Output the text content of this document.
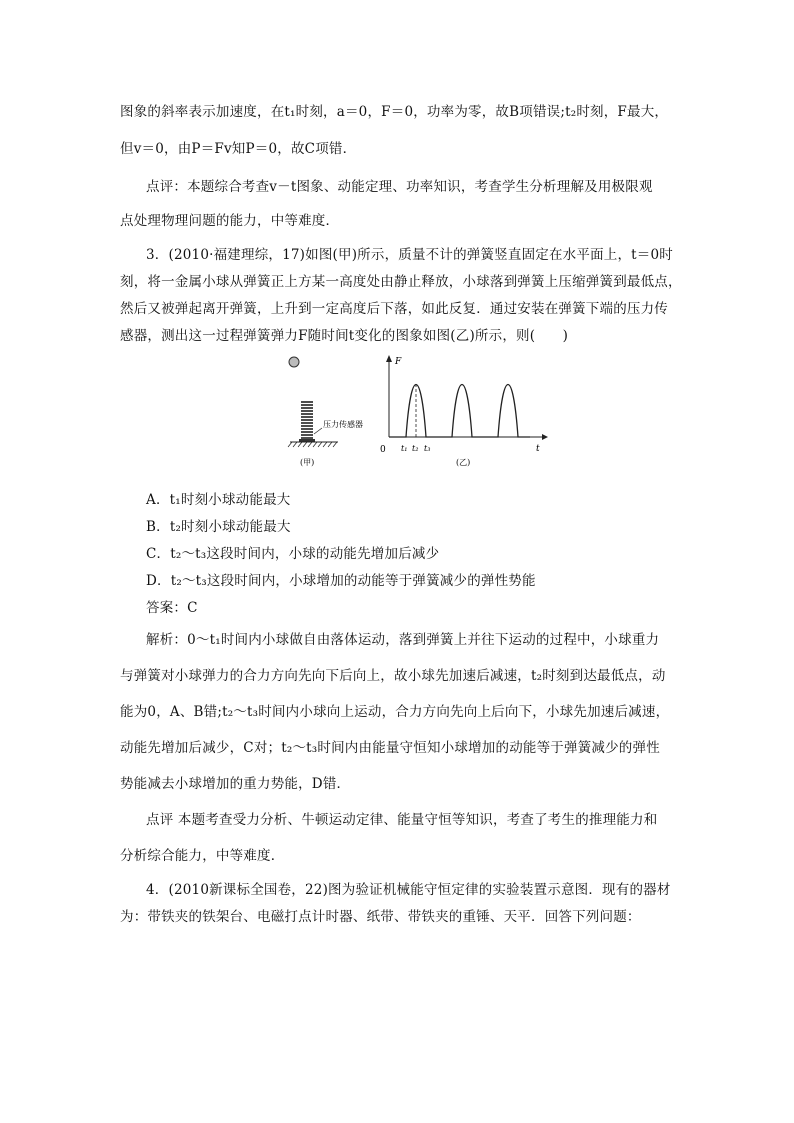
图象的斜率表示加速度，在t₁时刻，a＝0，F＝0，功率为零，故B项错误;t₂时刻，F最大，
但v＝0，由P＝Fv知P＝0，故C项错．
点评：本题综合考查v－t图象、动能定理、功率知识，考查学生分析理解及用极限观
点处理物理问题的能力，中等难度．
3．(2010·福建理综，17)如图(甲)所示，质量不计的弹簧竖直固定在水平面上，t＝0时
刻，将一金属小球从弹簧正上方某一高度处由静止释放，小球落到弹簧上压缩弹簧到最低点，
然后又被弹起离开弹簧，上升到一定高度后下落，如此反复．通过安装在弹簧下端的压力传
感器，测出这一过程弹簧弹力F随时间t变化的图象如图(乙)所示，则(　　)
压力传感器
(甲)
F
t
0 t₁ t₂ t₃
(乙)
A．t₁时刻小球动能最大
B．t₂时刻小球动能最大
C．t₂～t₃这段时间内，小球的动能先增加后减少
D．t₂～t₃这段时间内，小球增加的动能等于弹簧减少的弹性势能
答案：C
解析：0～t₁时间内小球做自由落体运动，落到弹簧上并往下运动的过程中，小球重力
与弹簧对小球弹力的合力方向先向下后向上，故小球先加速后减速，t₂时刻到达最低点，动
能为0，A、B错;t₂～t₃时间内小球向上运动，合力方向先向上后向下，小球先加速后减速，
动能先增加后减少，C对；t₂～t₃时间内由能量守恒知小球增加的动能等于弹簧减少的弹性
势能减去小球增加的重力势能，D错．
点评 本题考查受力分析、牛顿运动定律、能量守恒等知识，考查了考生的推理能力和
分析综合能力，中等难度．
4．(2010新课标全国卷，22)图为验证机械能守恒定律的实验装置示意图．现有的器材
为：带铁夹的铁架台、电磁打点计时器、纸带、带铁夹的重锤、天平．回答下列问题：
